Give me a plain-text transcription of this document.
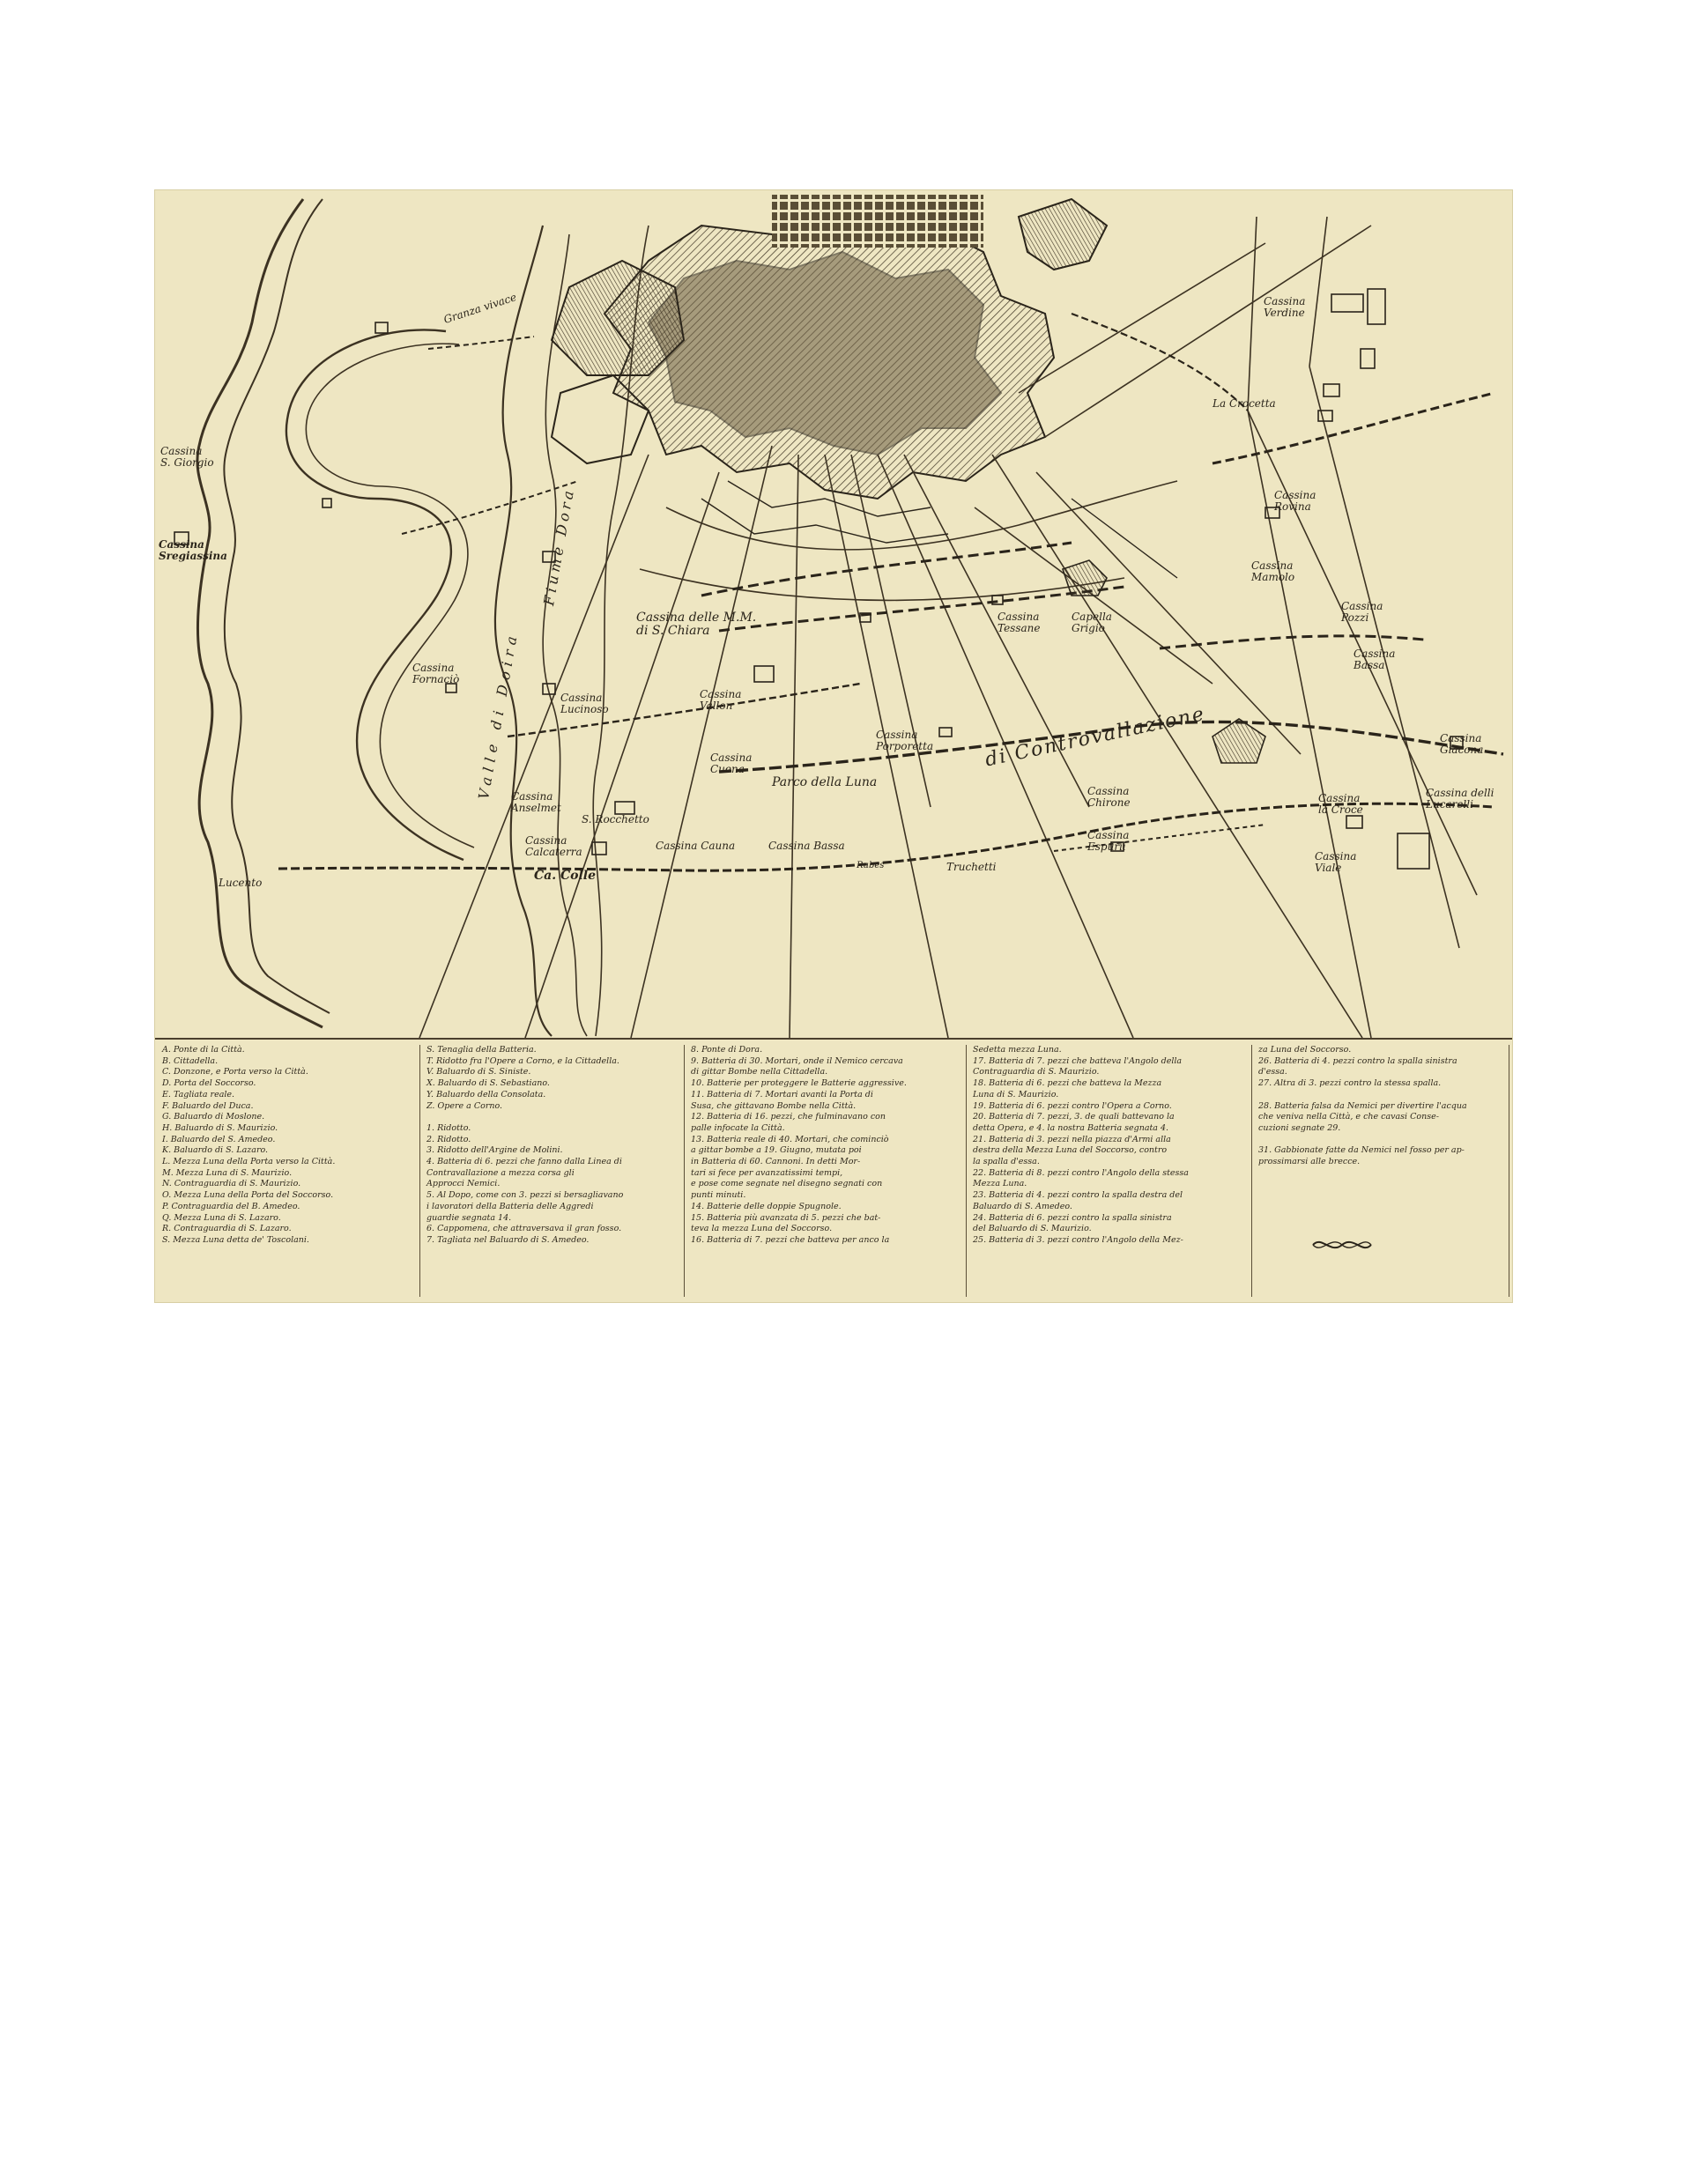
Cassina
S. Giorgio
Cassina
Sregiassina
Granza vivace	Cassina
Verdine
La Crocetta
Cassina
Rovina
Cassina
Mamolo
Cassina delle M.M.
di S. Chiara
Cassina
Tessane
Capella
Grigio
Cassina
Pozzi
Cassina
Bassa
Cassina
Fornaciò
Cassina
Lucinoso
Cassina
Vallon
Cassina
Porporetta
Cassina
Cuena
Parco della Luna
di Controvallazione	Cassina
Giacona
Cassina
Chirone
Cassina
Espurii
Cassina
la Croce
Cassina delli
Lucarelli
Cassina
Anselmet
S. Rocchetto
Cassina
Calcaterra
Ca. Colle
Cassina Cauna	Cassina Bassa
Rubes	Truchetti
Cassina
Viale
Lucento
Fiume Dora
Valle di Doira
A. Ponte di la Città.
B. Cittadella.
C. Donzone, e Porta verso la Città.
D. Porta del Soccorso.
E. Tagliata reale.
F. Baluardo del Duca.
G. Baluardo di Moslone.
H. Baluardo di S. Maurizio.
I. Baluardo del S. Amedeo.
K. Baluardo di S. Lazaro.
L. Mezza Luna della Porta verso la Città.
M. Mezza Luna di S. Maurizio.
N. Contraguardia di S. Maurizio.
O. Mezza Luna della Porta del Soccorso.
P. Contraguardia del B. Amedeo.
Q. Mezza Luna di S. Lazaro.
R. Contraguardia di S. Lazaro.
S. Mezza Luna detta de' Toscolani.
S. Tenaglia della Batteria.
T. Ridotto fra l'Opere a Corno, e la Cittadella.
V. Baluardo di S. Siniste.
X. Baluardo di S. Sebastiano.
Y. Baluardo della Consolata.
Z. Opere a Corno.

1. Ridotto.
2. Ridotto.
3. Ridotto dell'Argine de Molini.
4. Batteria di 6. pezzi che fanno dalla Linea di
Contravallazione a mezza corsa gli
Approcci Nemici.
5. Al Dopo, come con 3. pezzi si bersagliavano
i lavoratori della Batteria delle Aggredi
guardie segnata 14.
6. Cappomena, che attraversava il gran fosso.
7. Tagliata nel Baluardo di S. Amedeo.
8. Ponte di Dora.
9. Batteria di 30. Mortari, onde il Nemico cercava
di gittar Bombe nella Cittadella.
10. Batterie per proteggere le Batterie aggressive.
11. Batteria di 7. Mortari avanti la Porta di
Susa, che gittavano Bombe nella Città.
12. Batteria di 16. pezzi, che fulminavano con
palle infocate la Città.
13. Batteria reale di 40. Mortari, che cominciò
a gittar bombe a 19. Giugno, mutata poi
in Batteria di 60. Cannoni. In detti Mor-
tari si fece per avanzatissimi tempi,
e pose come segnate nel disegno segnati con
punti minuti.
14. Batterie delle doppie Spugnole.
15. Batteria più avanzata di 5. pezzi che bat-
teva la mezza Luna del Soccorso.
16. Batteria di 7. pezzi che batteva per anco la
Sedetta mezza Luna.
17. Batteria di 7. pezzi che batteva l'Angolo della
Contraguardia di S. Maurizio.
18. Batteria di 6. pezzi che batteva la Mezza
Luna di S. Maurizio.
19. Batteria di 6. pezzi contro l'Opera a Corno.
20. Batteria di 7. pezzi, 3. de quali battevano la
detta Opera, e 4. la nostra Batteria segnata 4.
21. Batteria di 3. pezzi nella piazza d'Armi alla
destra della Mezza Luna del Soccorso, contro
la spalla d'essa.
22. Batteria di 8. pezzi contro l'Angolo della stessa
Mezza Luna.
23. Batteria di 4. pezzi contro la spalla destra del
Baluardo di S. Amedeo.
24. Batteria di 6. pezzi contro la spalla sinistra
del Baluardo di S. Maurizio.
25. Batteria di 3. pezzi contro l'Angolo della Mez-
za Luna del Soccorso.
26. Batteria di 4. pezzi contro la spalla sinistra
d'essa.
27. Altra di 3. pezzi contro la stessa spalla.

28. Batteria falsa da Nemici per divertire l'acqua
che veniva nella Città, e che cavasi Conse-
cuzioni segnate 29.

31. Gabbionate fatte da Nemici nel fosso per ap-
prossimarsi alle brecce.
